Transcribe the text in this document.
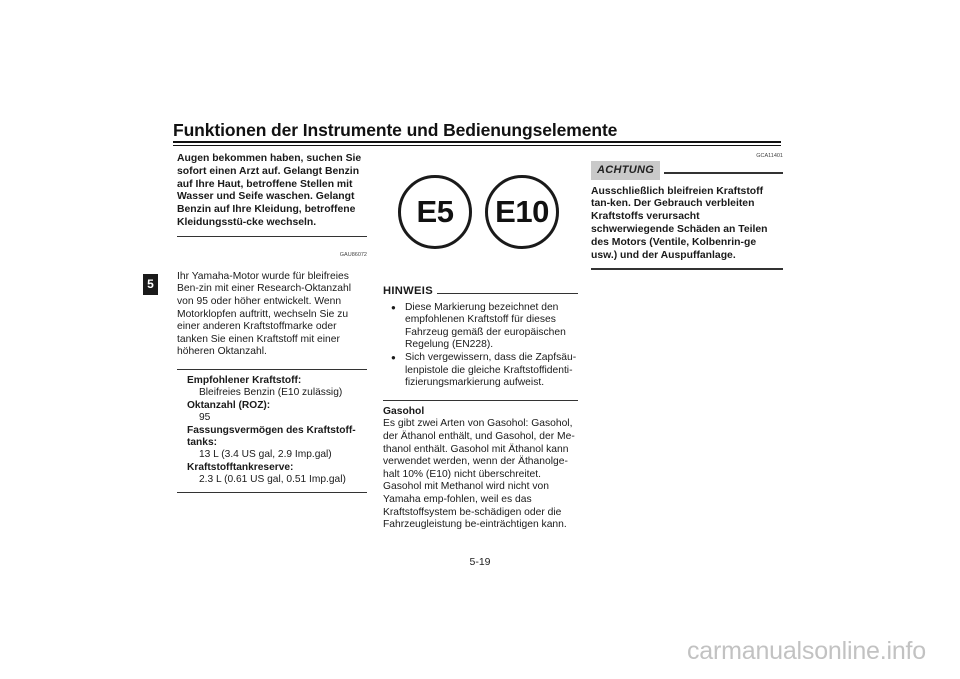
Funktionen der Instrumente und Bedienungselemente
5
Augen bekommen haben, suchen Sie sofort einen Arzt auf. Gelangt Benzin auf Ihre Haut, betroffene Stellen mit Wasser und Seife waschen. Gelangt Benzin auf Ihre Kleidung, betroffene Kleidungsstü-cke wechseln.
GAU86072
Ihr Yamaha-Motor wurde für bleifreies Ben-zin mit einer Research-Oktanzahl von 95 oder höher entwickelt. Wenn Motorklopfen auftritt, wechseln Sie zu einer anderen Kraftstoffmarke oder tanken Sie einen Kraftstoff mit einer höheren Oktanzahl.
Empfohlener Kraftstoff:
Bleifreies Benzin (E10 zulässig)
Oktanzahl (ROZ):
95
Fassungsvermögen des Kraftstoff-tanks:
13 L (3.4 US gal, 2.9 Imp.gal)
Kraftstofftankreserve:
2.3 L (0.61 US gal, 0.51 Imp.gal)
E5	E10
HINWEIS
● Diese Markierung bezeichnet den empfohlenen Kraftstoff für dieses Fahrzeug gemäß der europäischen Regelung (EN228).
● Sich vergewissern, dass die Zapfsäu-lenpistole die gleiche Kraftstoffidenti-fizierungsmarkierung aufweist.
Gasohol
Es gibt zwei Arten von Gasohol: Gasohol, der Äthanol enthält, und Gasohol, der Me-thanol enthält. Gasohol mit Äthanol kann verwendet werden, wenn der Äthanolge-halt 10% (E10) nicht überschreitet. Gasohol mit Methanol wird nicht von Yamaha emp-fohlen, weil es das Kraftstoffsystem be-schädigen oder die Fahrzeugleistung be-einträchtigen kann.
GCA11401
ACHTUNG
Ausschließlich bleifreien Kraftstoff tan-ken. Der Gebrauch verbleiten Kraftstoffs verursacht schwerwiegende Schäden an Teilen des Motors (Ventile, Kolbenrin-ge usw.) und der Auspuffanlage.
5-19
carmanualsonline.info
